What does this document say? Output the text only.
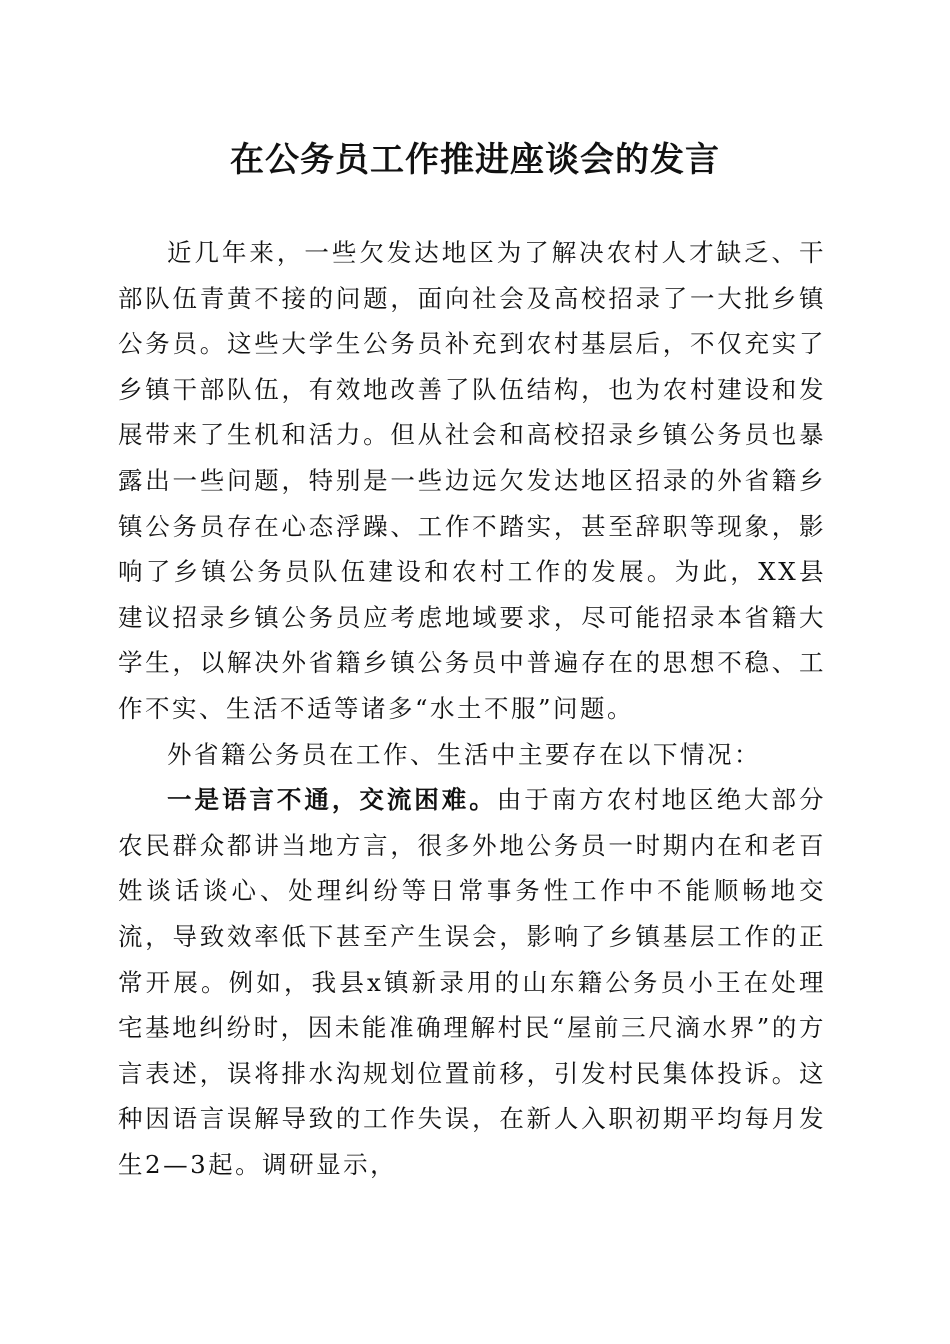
在公务员工作推进座谈会的发言

近几年来，一些欠发达地区为了解决农村人才缺乏、干部队伍青黄不接的问题，面向社会及高校招录了一大批乡镇公务员。这些大学生公务员补充到农村基层后，不仅充实了乡镇干部队伍，有效地改善了队伍结构，也为农村建设和发展带来了生机和活力。但从社会和高校招录乡镇公务员也暴露出一些问题，特别是一些边远欠发达地区招录的外省籍乡镇公务员存在心态浮躁、工作不踏实，甚至辞职等现象，影响了乡镇公务员队伍建设和农村工作的发展。为此，XX县建议招录乡镇公务员应考虑地域要求，尽可能招录本省籍大学生，以解决外省籍乡镇公务员中普遍存在的思想不稳、工作不实、生活不适等诸多“水土不服”问题。

外省籍公务员在工作、生活中主要存在以下情况：

一是语言不通，交流困难。由于南方农村地区绝大部分农民群众都讲当地方言，很多外地公务员一时期内在和老百姓谈话谈心、处理纠纷等日常事务性工作中不能顺畅地交流，导致效率低下甚至产生误会，影响了乡镇基层工作的正常开展。例如，我县x镇新录用的山东籍公务员小王在处理宅基地纠纷时，因未能准确理解村民“屋前三尺滴水界”的方言表述，误将排水沟规划位置前移，引发村民集体投诉。这种因语言误解导致的工作失误，在新人入职初期平均每月发生2—3起。调研显示，
